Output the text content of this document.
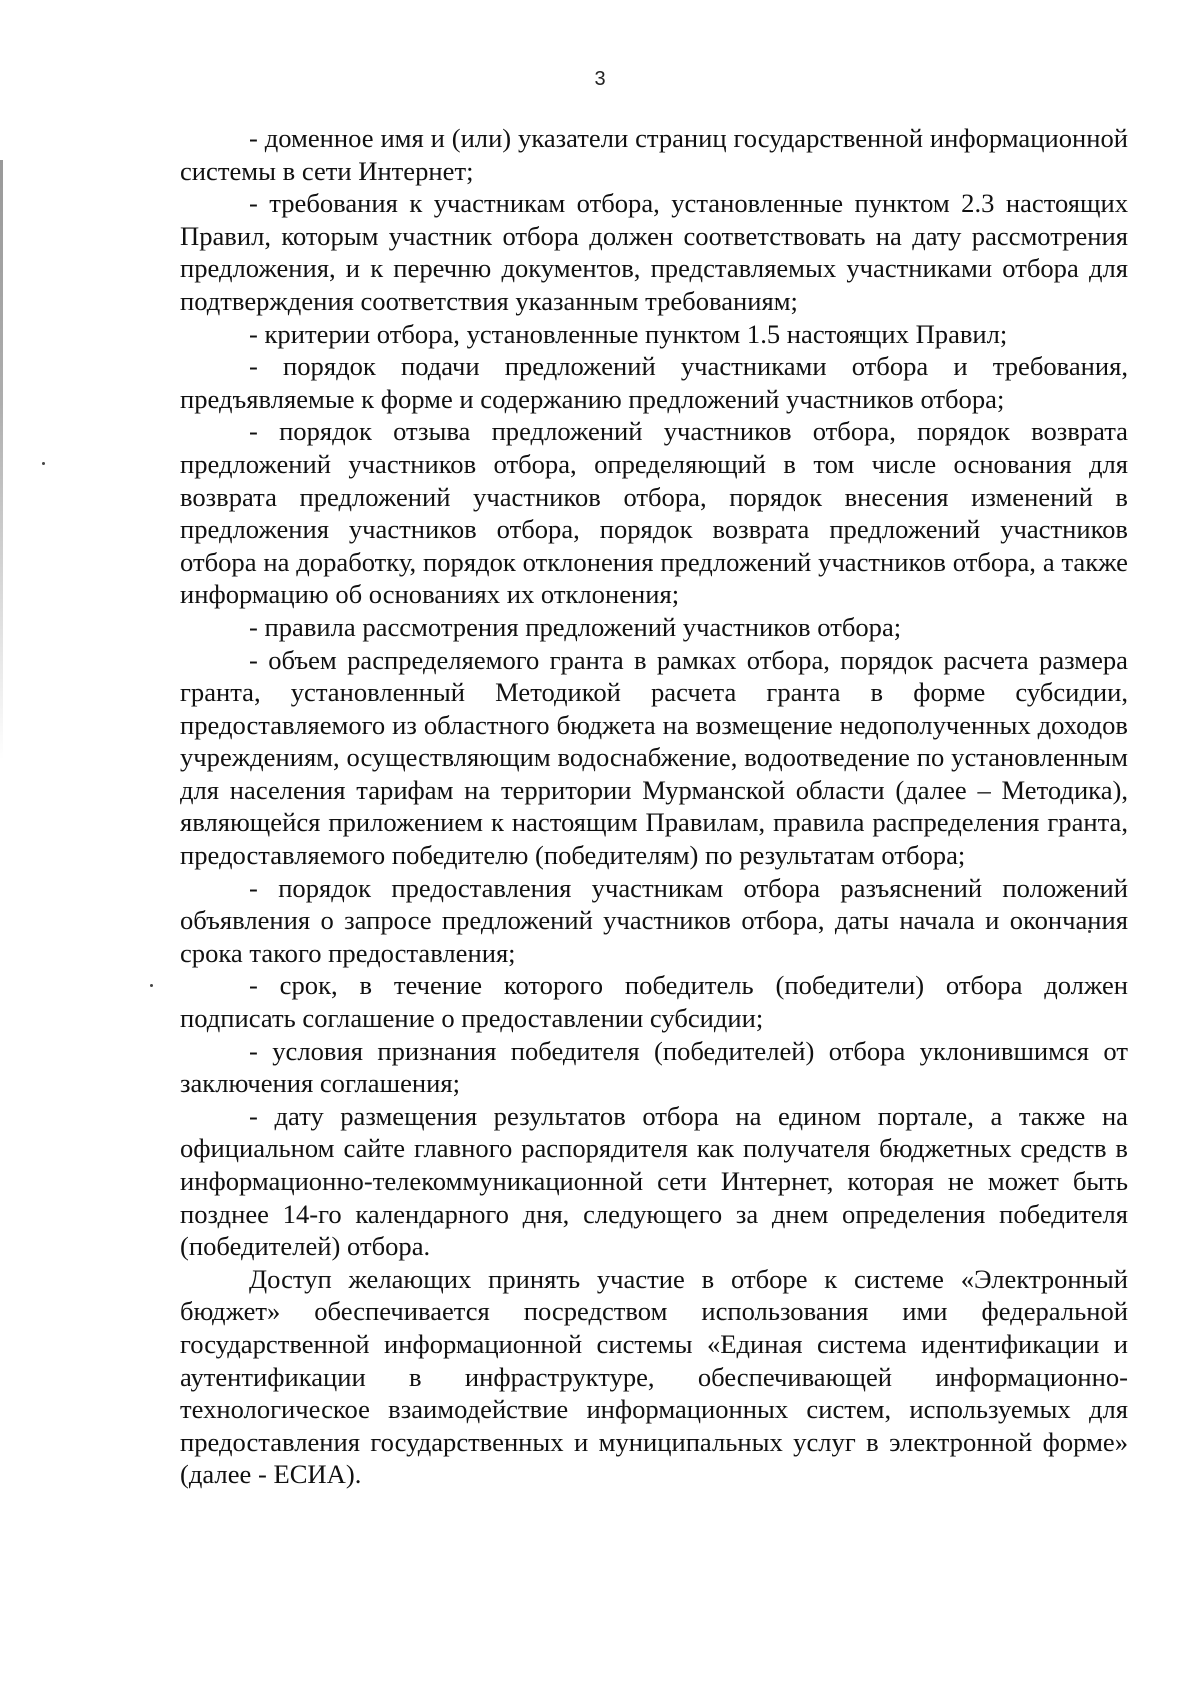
3

- доменное имя и (или) указатели страниц государственной информационной системы в сети Интернет;

- требования к участникам отбора, установленные пунктом 2.3 настоящих Правил, которым участник отбора должен соответствовать на дату рассмотрения предложения, и к перечню документов, представляемых участниками отбора для подтверждения соответствия указанным требованиям;

- критерии отбора, установленные пунктом 1.5 настоящих Правил;

- порядок подачи предложений участниками отбора и требования, предъявляемые к форме и содержанию предложений участников отбора;

- порядок отзыва предложений участников отбора, порядок возврата предложений участников отбора, определяющий в том числе основания для возврата предложений участников отбора, порядок внесения изменений в предложения участников отбора, порядок возврата предложений участников отбора на доработку, порядок отклонения предложений участников отбора, а также информацию об основаниях их отклонения;

- правила рассмотрения предложений участников отбора;

- объем распределяемого гранта в рамках отбора, порядок расчета размера гранта, установленный Методикой расчета гранта в форме субсидии, предоставляемого из областного бюджета на возмещение недополученных доходов учреждениям, осуществляющим водоснабжение, водоотведение по установленным для населения тарифам на территории Мурманской области (далее – Методика), являющейся приложением к настоящим Правилам, правила распределения гранта, предоставляемого победителю (победителям) по результатам отбора;

- порядок предоставления участникам отбора разъяснений положений объявления о запросе предложений участников отбора, даты начала и окончания срока такого предоставления;

- срок, в течение которого победитель (победители) отбора должен подписать соглашение о предоставлении субсидии;

- условия признания победителя (победителей) отбора уклонившимся от заключения соглашения;

- дату размещения результатов отбора на едином портале, а также на официальном сайте главного распорядителя как получателя бюджетных средств в информационно-телекоммуникационной сети Интернет, которая не может быть позднее 14-го календарного дня, следующего за днем определения победителя (победителей) отбора.

Доступ желающих принять участие в отборе к системе «Электронный бюджет» обеспечивается посредством использования ими федеральной государственной информационной системы «Единая система идентификации и аутентификации в инфраструктуре, обеспечивающей информационно-технологическое взаимодействие информационных систем, используемых для предоставления государственных и муниципальных услуг в электронной форме» (далее - ЕСИА).
